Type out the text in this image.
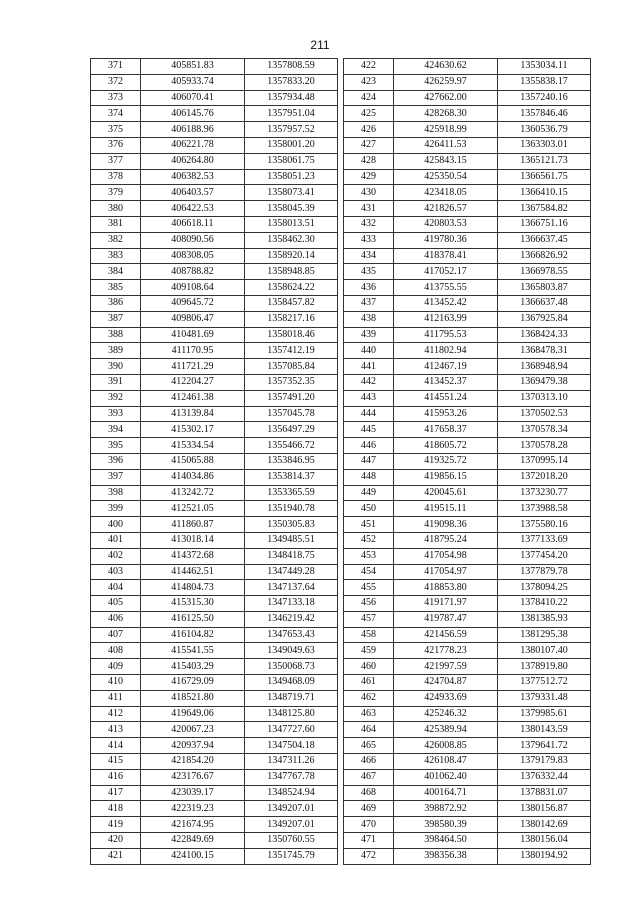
211
371	405851.83	1357808.59
372	405933.74	1357833.20
373	406070.41	1357934.48
374	406145.76	1357951.04
375	406188.96	1357957.52
376	406221.78	1358001.20
377	406264.80	1358061.75
378	406382.53	1358051.23
379	406403.57	1358073.41
380	406422.53	1358045.39
381	406618.11	1358013.51
382	408090.56	1358462.30
383	408308.05	1358920.14
384	408788.82	1358948.85
385	409108.64	1358624.22
386	409645.72	1358457.82
387	409806.47	1358217.16
388	410481.69	1358018.46
389	411170.95	1357412.19
390	411721.29	1357085.84
391	412204.27	1357352.35
392	412461.38	1357491.20
393	413139.84	1357045.78
394	415302.17	1356497.29
395	415334.54	1355466.72
396	415065.88	1353846.95
397	414034.86	1353814.37
398	413242.72	1353365.59
399	412521.05	1351940.78
400	411860.87	1350305.83
401	413018.14	1349485.51
402	414372.68	1348418.75
403	414462.51	1347449.28
404	414804.73	1347137.64
405	415315.30	1347133.18
406	416125.50	1346219.42
407	416104.82	1347653.43
408	415541.55	1349049.63
409	415403.29	1350068.73
410	416729.09	1349468.09
411	418521.80	1348719.71
412	419649.06	1348125.80
413	420067.23	1347727.60
414	420937.94	1347504.18
415	421854.20	1347311.26
416	423176.67	1347767.78
417	423039.17	1348524.94
418	422319.23	1349207.01
419	421674.95	1349207.01
420	422849.69	1350760.55
421	424100.15	1351745.79
422	424630.62	1353034.11
423	426259.97	1355838.17
424	427662.00	1357240.16
425	428268.30	1357846.46
426	425918.99	1360536.79
427	426411.53	1363303.01
428	425843.15	1365121.73
429	425350.54	1366561.75
430	423418.05	1366410.15
431	421826.57	1367584.82
432	420803.53	1366751.16
433	419780.36	1366637.45
434	418378.41	1366826.92
435	417052.17	1366978.55
436	413755.55	1365803.87
437	413452.42	1366637.48
438	412163.99	1367925.84
439	411795.53	1368424.33
440	411802.94	1368478.31
441	412467.19	1368948.94
442	413452.37	1369479.38
443	414551.24	1370313.10
444	415953.26	1370502.53
445	417658.37	1370578.34
446	418605.72	1370578.28
447	419325.72	1370995.14
448	419856.15	1372018.20
449	420045.61	1373230.77
450	419515.11	1373988.58
451	419098.36	1375580.16
452	418795.24	1377133.69
453	417054.98	1377454.20
454	417054.97	1377879.78
455	418853.80	1378094.25
456	419171.97	1378410.22
457	419787.47	1381385.93
458	421456.59	1381295.38
459	421778.23	1380107.40
460	421997.59	1378919.80
461	424704.87	1377512.72
462	424933.69	1379331.48
463	425246.32	1379985.61
464	425389.94	1380143.59
465	426008.85	1379641.72
466	426108.47	1379179.83
467	401062.40	1376332.44
468	400164.71	1378831.07
469	398872.92	1380156.87
470	398580.39	1380142.69
471	398464.50	1380156.04
472	398356.38	1380194.92
